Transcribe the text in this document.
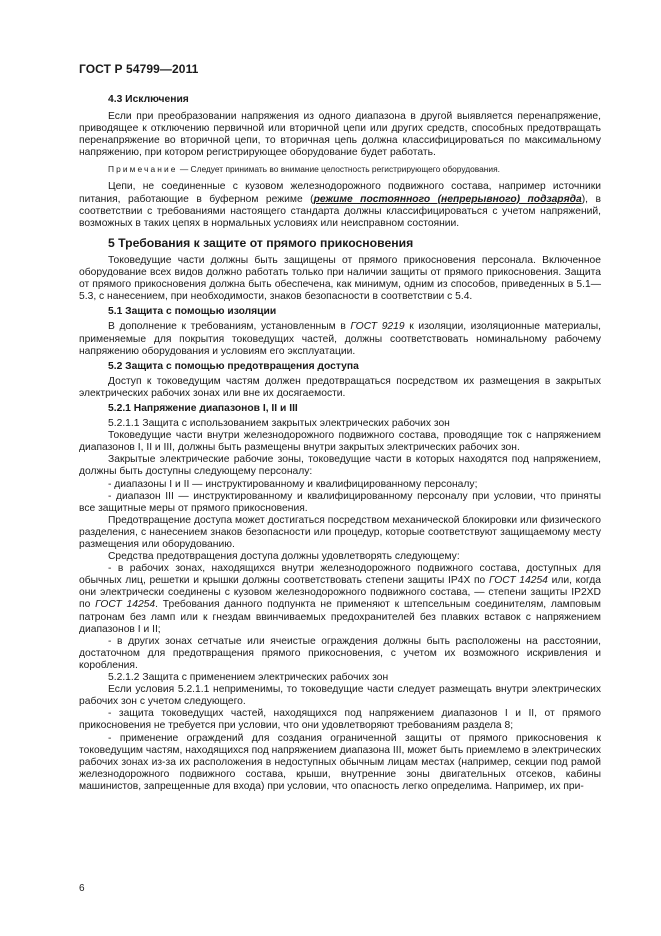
ГОСТ Р 54799—2011

4.3 Исключения

Если при преобразовании напряжения из одного диапазона в другой выявляется перенапряжение, приводящее к отключению первичной или вторичной цепи или других средств, способных предотвращать перенапряжение во вторичной цепи, то вторичная цепь должна классифицироваться по максимальному напряжению, при котором регистрирующее оборудование будет работать.

Примечание — Следует принимать во внимание целостность регистрирующего оборудования.

Цепи, не соединенные с кузовом железнодорожного подвижного состава, например источники питания, работающие в буферном режиме (режиме постоянного (непрерывного) подзаряда), в соответствии с требованиями настоящего стандарта должны классифицироваться с учетом напряжений, возможных в таких цепях в нормальных условиях или неисправном состоянии.

5 Требования к защите от прямого прикосновения

Токоведущие части должны быть защищены от прямого прикосновения персонала. Включенное оборудование всех видов должно работать только при наличии защиты от прямого прикосновения. Защита от прямого прикосновения должна быть обеспечена, как минимум, одним из способов, приведенных в 5.1—5.3, с нанесением, при необходимости, знаков безопасности в соответствии с 5.4.

5.1 Защита с помощью изоляции

В дополнение к требованиям, установленным в ГОСТ 9219 к изоляции, изоляционные материалы, применяемые для покрытия токоведущих частей, должны соответствовать номинальному рабочему напряжению оборудования и условиям его эксплуатации.

5.2 Защита с помощью предотвращения доступа

Доступ к токоведущим частям должен предотвращаться посредством их размещения в закрытых электрических рабочих зонах или вне их досягаемости.

5.2.1 Напряжение диапазонов I, II и III

5.2.1.1 Защита с использованием закрытых электрических рабочих зон

Токоведущие части внутри железнодорожного подвижного состава, проводящие ток с напряжением диапазонов I, II и III, должны быть размещены внутри закрытых электрических рабочих зон.

Закрытые электрические рабочие зоны, токоведущие части в которых находятся под напряжением, должны быть доступны следующему персоналу:

- диапазоны I и II — инструктированному и квалифицированному персоналу;

- диапазон III — инструктированному и квалифицированному персоналу при условии, что приняты все защитные меры от прямого прикосновения.

Предотвращение доступа может достигаться посредством механической блокировки или физического разделения, с нанесением знаков безопасности или процедур, которые соответствуют защищаемому месту размещения или оборудованию.

Средства предотвращения доступа должны удовлетворять следующему:

- в рабочих зонах, находящихся внутри железнодорожного подвижного состава, доступных для обычных лиц, решетки и крышки должны соответствовать степени защиты IP4X по ГОСТ 14254 или, когда они электрически соединены с кузовом железнодорожного подвижного состава, — степени защиты IP2XD по ГОСТ 14254. Требования данного подпункта не применяют к штепсельным соединителям, ламповым патронам без ламп или к гнездам ввинчиваемых предохранителей без плавких вставок с напряжением диапазонов I и II;

- в других зонах сетчатые или ячеистые ограждения должны быть расположены на расстоянии, достаточном для предотвращения прямого прикосновения, с учетом их возможного искривления и коробления.

5.2.1.2 Защита с применением электрических рабочих зон

Если условия 5.2.1.1 неприменимы, то токоведущие части следует размещать внутри электрических рабочих зон с учетом следующего.

- защита токоведущих частей, находящихся под напряжением диапазонов I и II, от прямого прикосновения не требуется при условии, что они удовлетворяют требованиям раздела 8;

- применение ограждений для создания ограниченной защиты от прямого прикосновения к токоведущим частям, находящихся под напряжением диапазона III, может быть приемлемо в электрических рабочих зонах из-за их расположения в недоступных обычным лицам местах (например, секции под рамой железнодорожного подвижного состава, крыши, внутренние зоны двигательных отсеков, кабины машинистов, запрещенные для входа) при условии, что опасность легко определима. Например, их при-

6
